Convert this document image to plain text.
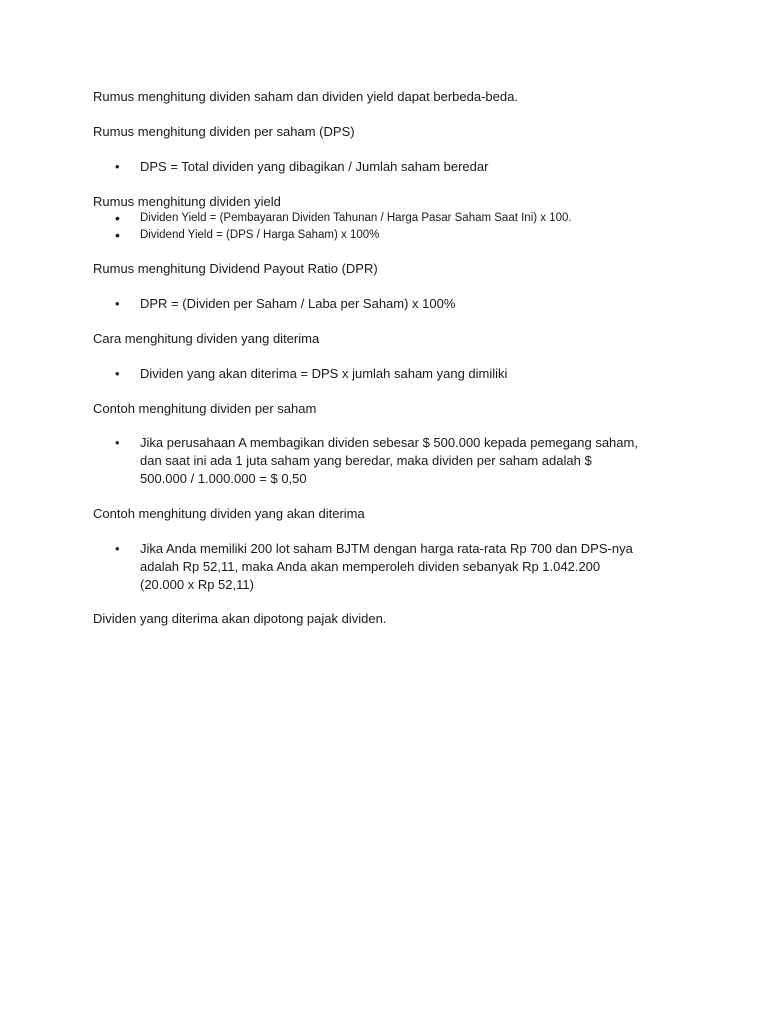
Rumus menghitung dividen saham dan dividen yield dapat berbeda-beda.
Rumus menghitung dividen per saham (DPS)
•	DPS = Total dividen yang dibagikan / Jumlah saham beredar
Rumus menghitung dividen yield
•	Dividen Yield = (Pembayaran Dividen Tahunan / Harga Pasar Saham Saat Ini) x 100.
•	Dividend Yield = (DPS / Harga Saham) x 100%
Rumus menghitung Dividend Payout Ratio (DPR)
•	DPR = (Dividen per Saham / Laba per Saham) x 100%
Cara menghitung dividen yang diterima
•	Dividen yang akan diterima = DPS x jumlah saham yang dimiliki
Contoh menghitung dividen per saham
• Jika perusahaan A membagikan dividen sebesar $ 500.000 kepada pemegang saham,
dan saat ini ada 1 juta saham yang beredar, maka dividen per saham adalah $
500.000 / 1.000.000 = $ 0,50
Contoh menghitung dividen yang akan diterima
• Jika Anda memiliki 200 lot saham BJTM dengan harga rata-rata Rp 700 dan DPS-nya
adalah Rp 52,11, maka Anda akan memperoleh dividen sebanyak Rp 1.042.200
(20.000 x Rp 52,11)
Dividen yang diterima akan dipotong pajak dividen.
